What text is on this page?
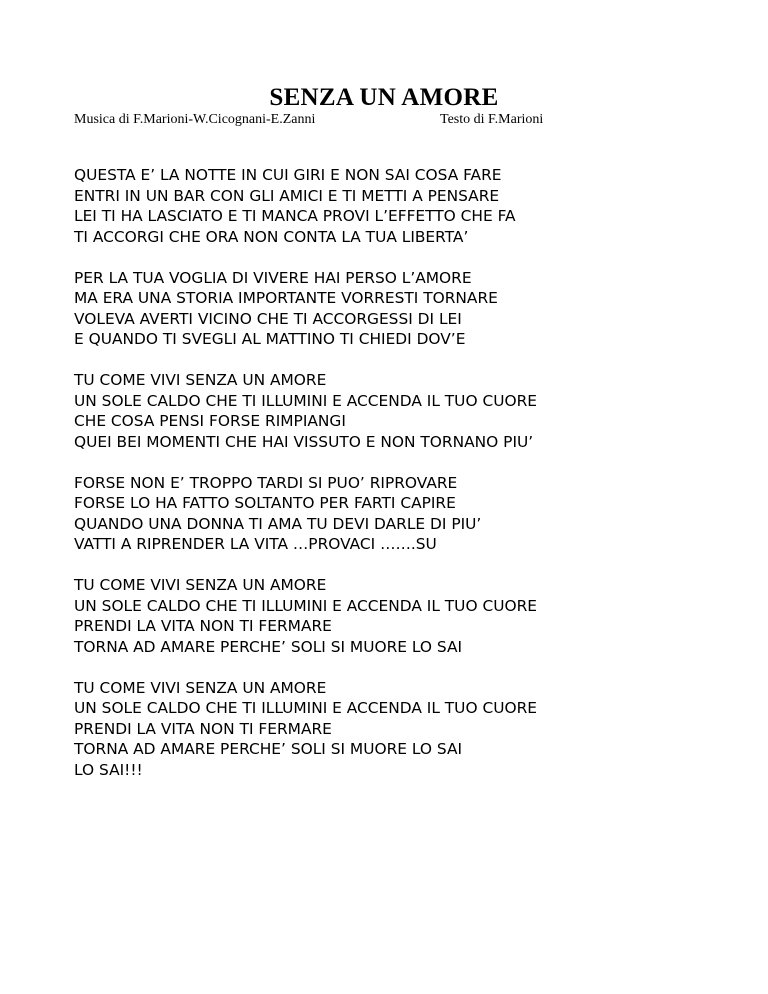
SENZA UN AMORE
Musica di F.Marioni-W.Cicognani-E.Zanni	Testo di F.Marioni
QUESTA E’ LA NOTTE IN CUI GIRI E NON SAI COSA FARE
ENTRI IN UN BAR CON GLI AMICI E TI METTI A PENSARE
LEI TI HA LASCIATO E TI MANCA PROVI L’EFFETTO CHE FA
TI ACCORGI CHE ORA NON CONTA LA TUA LIBERTA’
PER LA TUA VOGLIA DI VIVERE HAI PERSO L’AMORE
MA ERA UNA STORIA IMPORTANTE VORRESTI TORNARE
VOLEVA AVERTI VICINO CHE TI ACCORGESSI DI LEI
E QUANDO TI SVEGLI AL MATTINO TI CHIEDI DOV’E
TU COME VIVI SENZA UN AMORE
UN SOLE CALDO CHE TI ILLUMINI E ACCENDA IL TUO CUORE
CHE COSA PENSI FORSE RIMPIANGI
QUEI BEI MOMENTI CHE HAI VISSUTO E NON TORNANO PIU’
FORSE NON E’ TROPPO TARDI SI PUO’ RIPROVARE
FORSE LO HA FATTO SOLTANTO PER FARTI CAPIRE
QUANDO UNA DONNA TI AMA TU DEVI DARLE DI PIU’
VATTI A RIPRENDER LA VITA …PROVACI …….SU
TU COME VIVI SENZA UN AMORE
UN SOLE CALDO CHE TI ILLUMINI E ACCENDA IL TUO CUORE
PRENDI LA VITA NON TI FERMARE
TORNA AD AMARE PERCHE’ SOLI SI MUORE LO SAI
TU COME VIVI SENZA UN AMORE
UN SOLE CALDO CHE TI ILLUMINI E ACCENDA IL TUO CUORE
PRENDI LA VITA NON TI FERMARE
TORNA AD AMARE PERCHE’ SOLI SI MUORE LO SAI
LO SAI!!!
